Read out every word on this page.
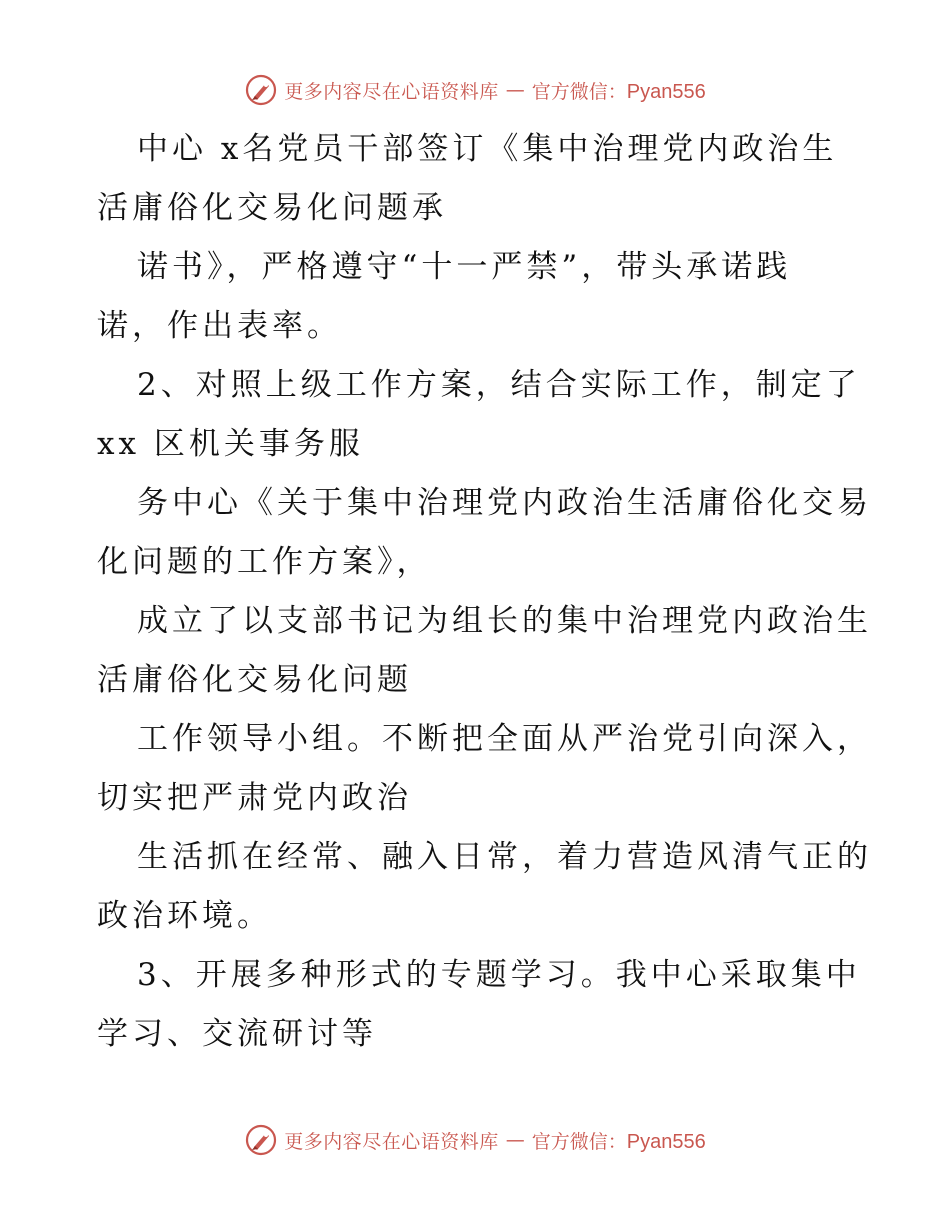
更多内容尽在心语资料库 — 官方微信：Pyan556
中心 x名党员干部签订《集中治理党内政治生
活庸俗化交易化问题承
诺书》，严格遵守“十一严禁”，带头承诺践
诺，作出表率。
2、对照上级工作方案，结合实际工作，制定了
xx 区机关事务服
务中心《关于集中治理党内政治生活庸俗化交易
化问题的工作方案》，
成立了以支部书记为组长的集中治理党内政治生
活庸俗化交易化问题
工作领导小组。不断把全面从严治党引向深入，
切实把严肃党内政治
生活抓在经常、融入日常，着力营造风清气正的
政治环境。
3、开展多种形式的专题学习。我中心采取集中
学习、交流研讨等
更多内容尽在心语资料库 — 官方微信：Pyan556
